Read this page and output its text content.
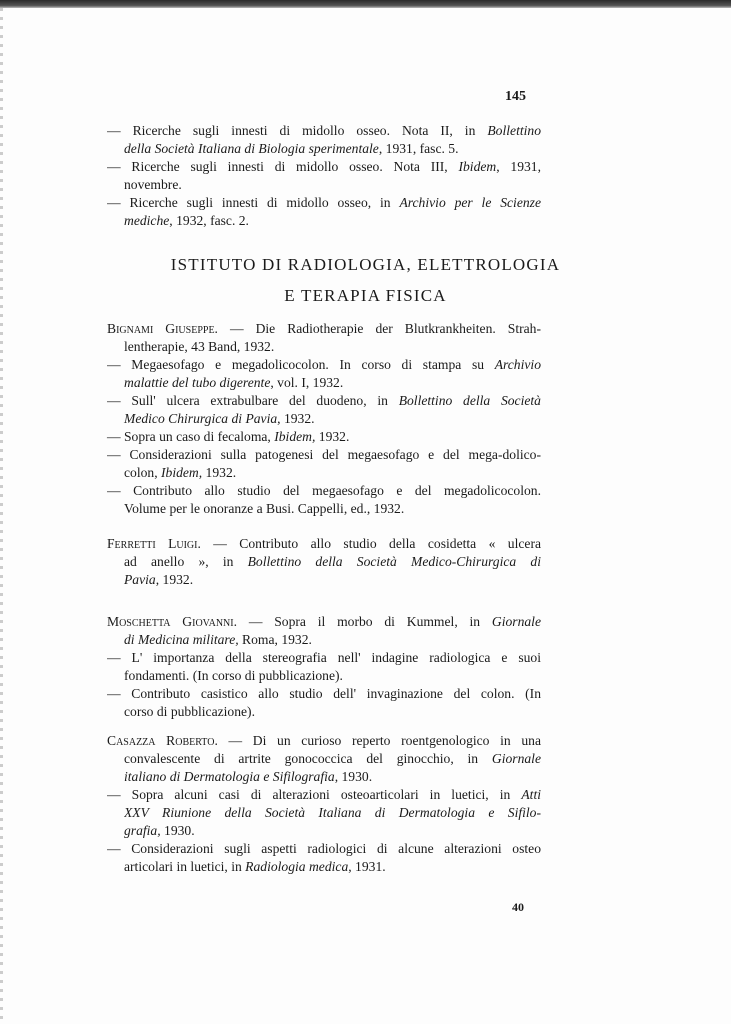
145
ISTITUTO DI RADIOLOGIA, ELETTROLOGIA
E TERAPIA FISICA
40
— Ricerche sugli innesti di midollo osseo. Nota II, in Bollettino
della Società Italiana di Biologia sperimentale, 1931, fasc. 5.
— Ricerche sugli innesti di midollo osseo. Nota III, Ibidem, 1931,
novembre.
— Ricerche sugli innesti di midollo osseo, in Archivio per le Scienze
mediche, 1932, fasc. 2.
Bignami Giuseppe. — Die Radiotherapie der Blutkrankheiten. Strah-
lentherapie, 43 Band, 1932.
— Megaesofago e megadolicocolon. In corso di stampa su Archivio
malattie del tubo digerente, vol. I, 1932.
— Sull' ulcera extrabulbare del duodeno, in Bollettino della Società
Medico Chirurgica di Pavia, 1932.
— Sopra un caso di fecaloma, Ibidem, 1932.
— Considerazioni sulla patogenesi del megaesofago e del mega-dolico-
colon, Ibidem, 1932.
— Contributo allo studio del megaesofago e del megadolicocolon.
Volume per le onoranze a Busi. Cappelli, ed., 1932.
Ferretti Luigi. — Contributo allo studio della cosidetta « ulcera
ad anello », in Bollettino della Società Medico-Chirurgica di
Pavia, 1932.
Moschetta Giovanni. — Sopra il morbo di Kummel, in Giornale
di Medicina militare, Roma, 1932.
— L' importanza della stereografia nell' indagine radiologica e suoi
fondamenti. (In corso di pubblicazione).
— Contributo casistico allo studio dell' invaginazione del colon. (In
corso di pubblicazione).
Casazza Roberto. — Di un curioso reperto roentgenologico in una
convalescente di artrite gonococcica del ginocchio, in Giornale
italiano di Dermatologia e Sifilografia, 1930.
— Sopra alcuni casi di alterazioni osteoarticolari in luetici, in Atti
XXV Riunione della Società Italiana di Dermatologia e Sifilo-
grafia, 1930.
— Considerazioni sugli aspetti radiologici di alcune alterazioni osteo
articolari in luetici, in Radiologia medica, 1931.
